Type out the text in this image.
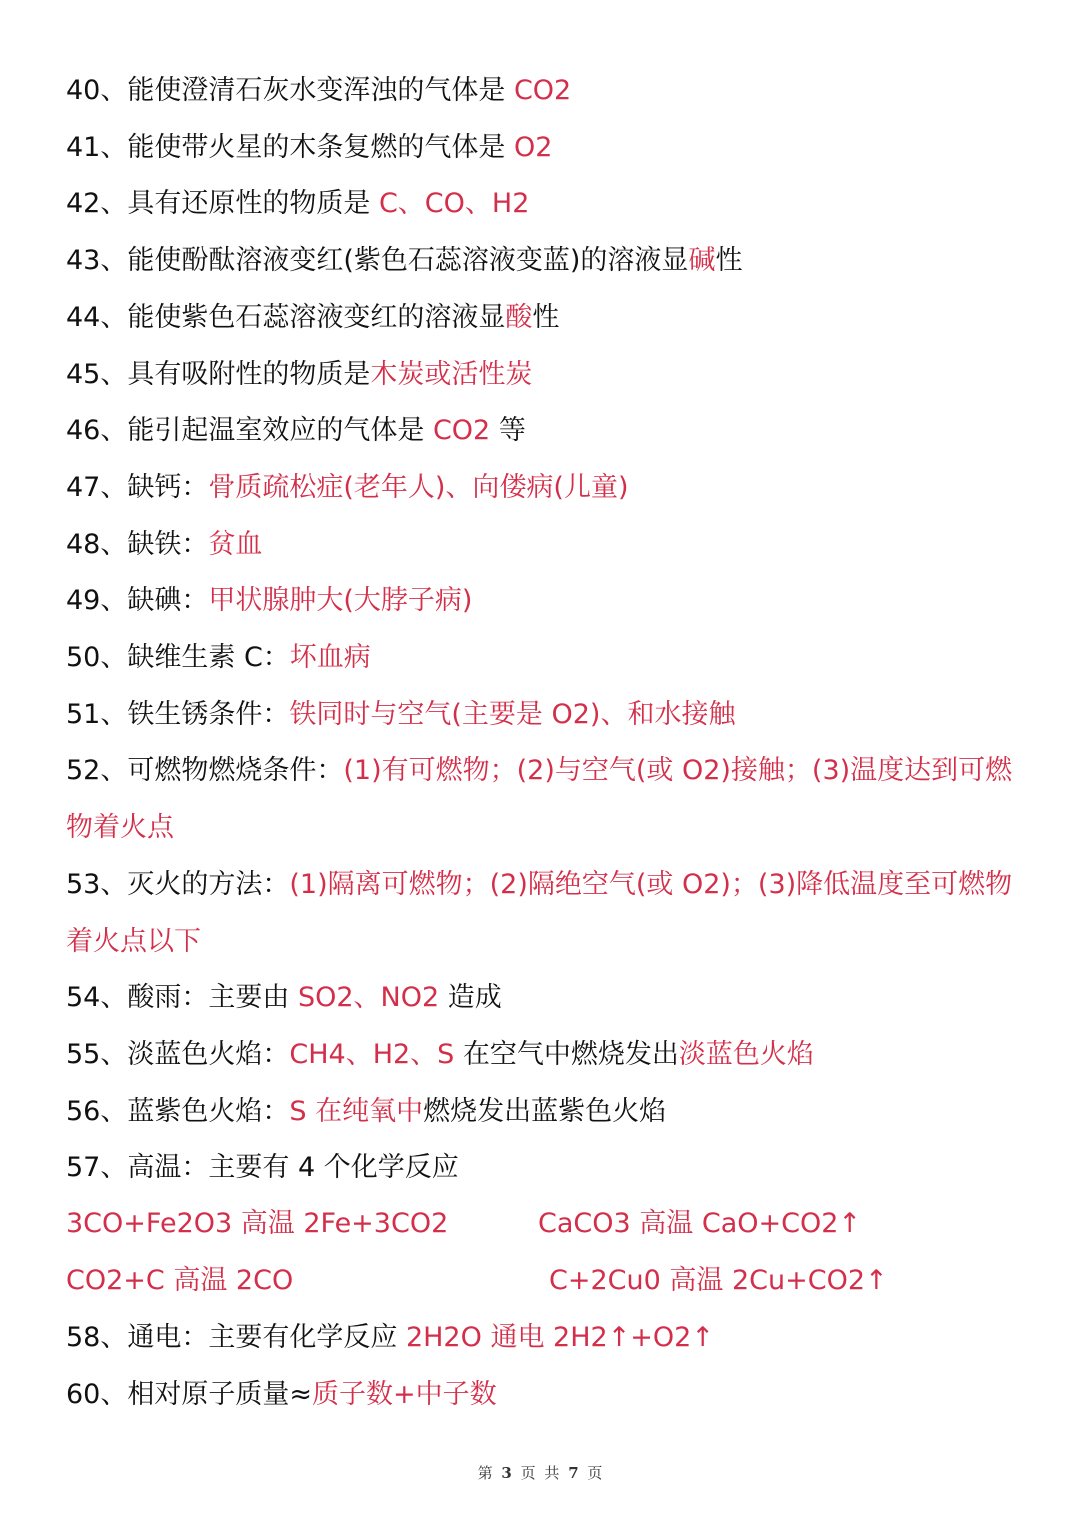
40、能使澄清石灰水变浑浊的气体是 CO2
41、能使带火星的木条复燃的气体是 O2
42、具有还原性的物质是 C、CO、H2
43、能使酚酞溶液变红(紫色石蕊溶液变蓝)的溶液显碱性
44、能使紫色石蕊溶液变红的溶液显酸性
45、具有吸附性的物质是木炭或活性炭
46、能引起温室效应的气体是 CO2 等
47、缺钙：骨质疏松症(老年人)、向偻病(儿童)
48、缺铁：贫血
49、缺碘：甲状腺肿大(大脖子病)
50、缺维生素 C：坏血病
51、铁生锈条件：铁同时与空气(主要是 O2)、和水接触
52、可燃物燃烧条件：(1)有可燃物；(2)与空气(或 O2)接触；(3)温度达到可燃
物着火点
53、灭火的方法：(1)隔离可燃物；(2)隔绝空气(或 O2)；(3)降低温度至可燃物
着火点以下
54、酸雨：主要由 SO2、NO2 造成
55、淡蓝色火焰：CH4、H2、S 在空气中燃烧发出淡蓝色火焰
56、蓝紫色火焰：S 在纯氧中燃烧发出蓝紫色火焰
57、高温：主要有 4 个化学反应
58、通电：主要有化学反应 2H2O 通电 2H2↑+O2↑
60、相对原子质量≈质子数+中子数
3CO+Fe2O3 高温 2Fe+3CO2	CaCO3 高温 CaO+CO2↑
CO2+C 高温 2CO	C+2Cu0 高温 2Cu+CO2↑
第 3 页 共 7 页
